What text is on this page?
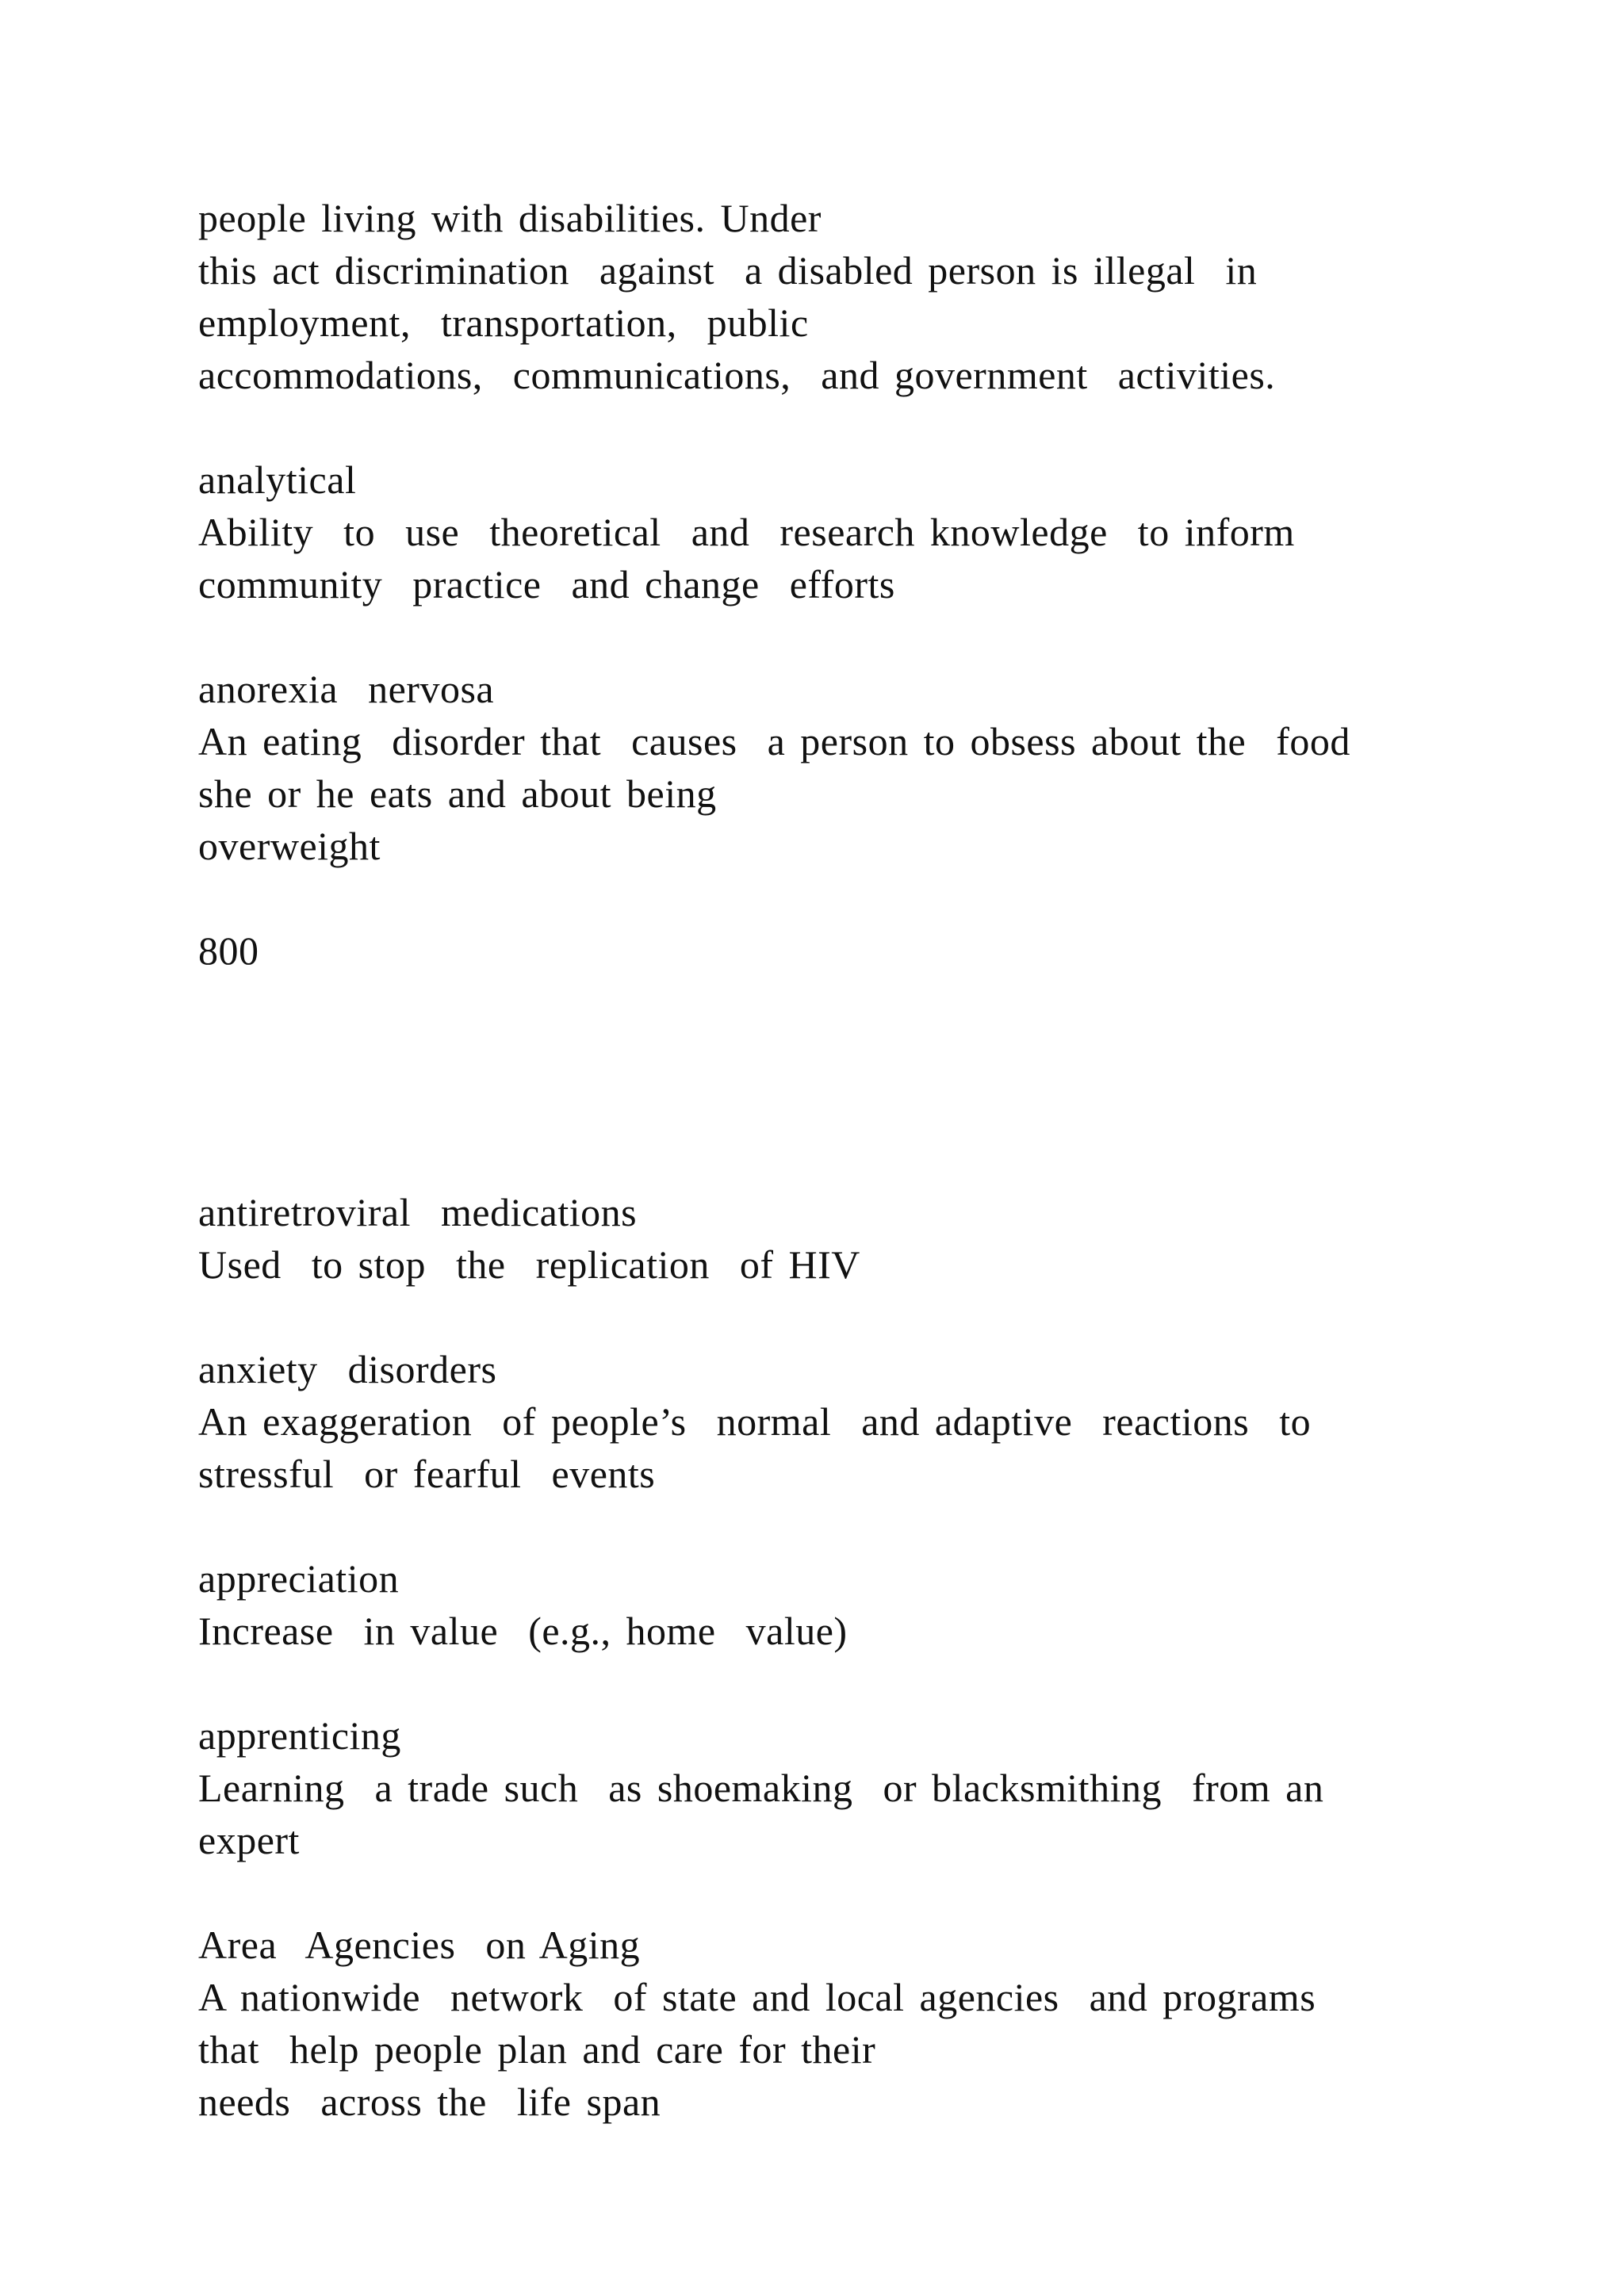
people living with disabilities. Under
this act discrimination  against  a disabled person is illegal  in
employment,  transportation,  public
accommodations,  communications,  and government  activities.
analytical
Ability  to  use  theoretical  and  research knowledge  to inform
community  practice  and change  efforts
anorexia  nervosa
An eating  disorder that  causes  a person to obsess about the  food
she or he eats and about being
overweight
800
antiretroviral  medications
Used  to stop  the  replication  of HIV
anxiety  disorders
An exaggeration  of people’s  normal  and adaptive  reactions  to
stressful  or fearful  events
appreciation
Increase  in value  (e.g., home  value)
apprenticing
Learning  a trade such  as shoemaking  or blacksmithing  from an
expert
Area  Agencies  on Aging
A nationwide  network  of state and local agencies  and programs
that  help people plan and care for their
needs  across the  life span
